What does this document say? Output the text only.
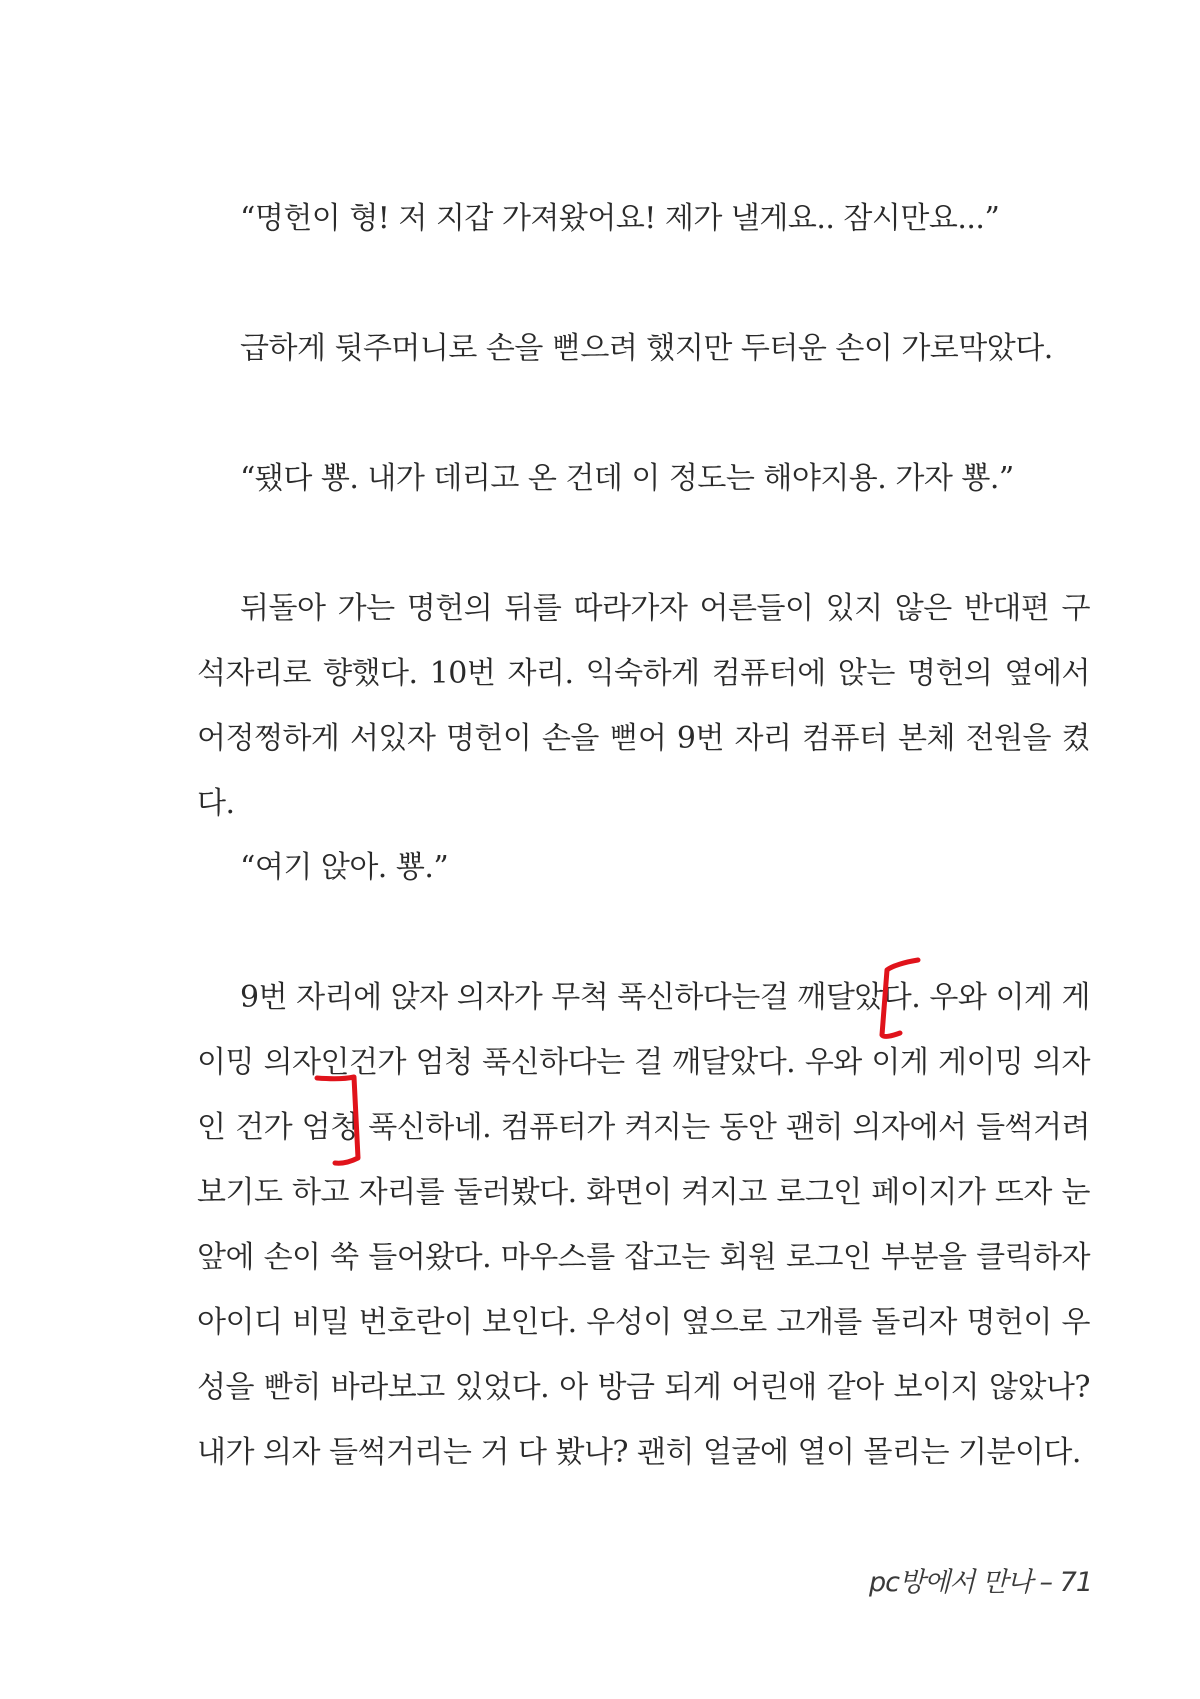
“명헌이 형! 저 지갑 가져왔어요! 제가 낼게요.. 잠시만요...”

급하게 뒷주머니로 손을 뻗으려 했지만 두터운 손이 가로막았다.

“됐다 뿅. 내가 데리고 온 건데 이 정도는 해야지용. 가자 뿅.”

뒤돌아 가는 명헌의 뒤를 따라가자 어른들이 있지 않은 반대편 구석자리로 향했다. 10번 자리. 익숙하게 컴퓨터에 앉는 명헌의 옆에서 어정쩡하게 서있자 명헌이 손을 뻗어 9번 자리 컴퓨터 본체 전원을 켰다.

“여기 앉아. 뿅.”

9번 자리에 앉자 의자가 무척 푹신하다는걸 깨달았다. 우와 이게 게이밍 의자인건가 엄청 푹신하다는 걸 깨달았다. 우와 이게 게이밍 의자인 건가 엄청 푹신하네. 컴퓨터가 켜지는 동안 괜히 의자에서 들썩거려 보기도 하고 자리를 둘러봤다. 화면이 켜지고 로그인 페이지가 뜨자 눈앞에 손이 쑥 들어왔다. 마우스를 잡고는 회원 로그인 부분을 클릭하자 아이디 비밀 번호란이 보인다. 우성이 옆으로 고개를 돌리자 명헌이 우성을 빤히 바라보고 있었다. 아 방금 되게 어린애 같아 보이지 않았나? 내가 의자 들썩거리는 거 다 봤나? 괜히 얼굴에 열이 몰리는 기분이다.

pc방에서 만나 – 71
